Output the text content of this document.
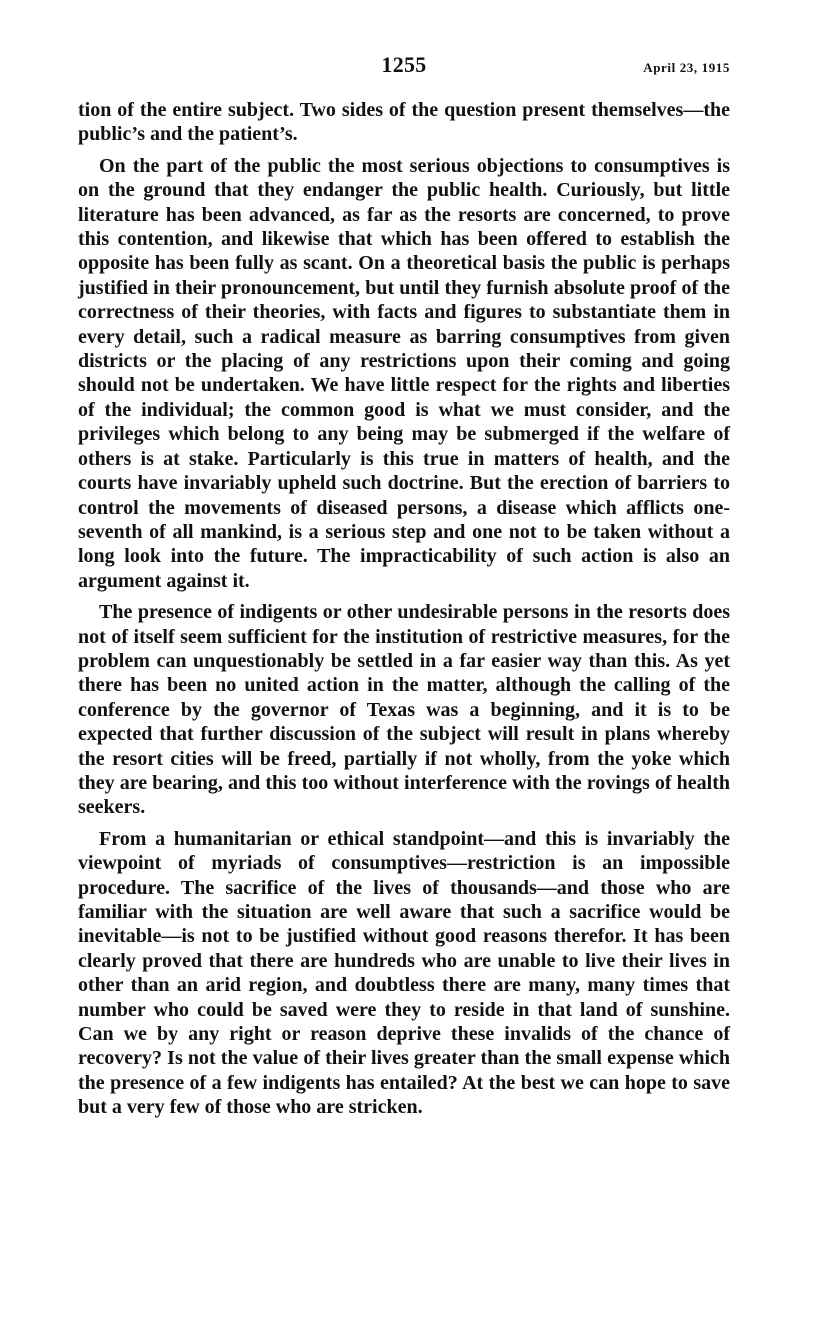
1255	April 23, 1915

tion of the entire subject. Two sides of the question present themselves—the public’s and the patient’s.

On the part of the public the most serious objections to consumptives is on the ground that they endanger the public health. Curiously, but little literature has been advanced, as far as the resorts are concerned, to prove this contention, and likewise that which has been offered to establish the opposite has been fully as scant. On a theoretical basis the public is perhaps justified in their pronouncement, but until they furnish absolute proof of the correctness of their theories, with facts and figures to substantiate them in every detail, such a radical measure as barring consumptives from given districts or the placing of any restrictions upon their coming and going should not be undertaken. We have little respect for the rights and liberties of the individual; the common good is what we must consider, and the privileges which belong to any being may be submerged if the welfare of others is at stake. Particularly is this true in matters of health, and the courts have invariably upheld such doctrine. But the erection of barriers to control the movements of diseased persons, a disease which afflicts one-seventh of all mankind, is a serious step and one not to be taken without a long look into the future. The impracticability of such action is also an argument against it.

The presence of indigents or other undesirable persons in the resorts does not of itself seem sufficient for the institution of restrictive measures, for the problem can unquestionably be settled in a far easier way than this. As yet there has been no united action in the matter, although the calling of the conference by the governor of Texas was a beginning, and it is to be expected that further discussion of the subject will result in plans whereby the resort cities will be freed, partially if not wholly, from the yoke which they are bearing, and this too without interference with the rovings of health seekers.

From a humanitarian or ethical standpoint—and this is invariably the viewpoint of myriads of consumptives—restriction is an impossible procedure. The sacrifice of the lives of thousands—and those who are familiar with the situation are well aware that such a sacrifice would be inevitable—is not to be justified without good reasons therefor. It has been clearly proved that there are hundreds who are unable to live their lives in other than an arid region, and doubtless there are many, many times that number who could be saved were they to reside in that land of sunshine. Can we by any right or reason deprive these invalids of the chance of recovery? Is not the value of their lives greater than the small expense which the presence of a few indigents has entailed? At the best we can hope to save but a very few of those who are stricken.
